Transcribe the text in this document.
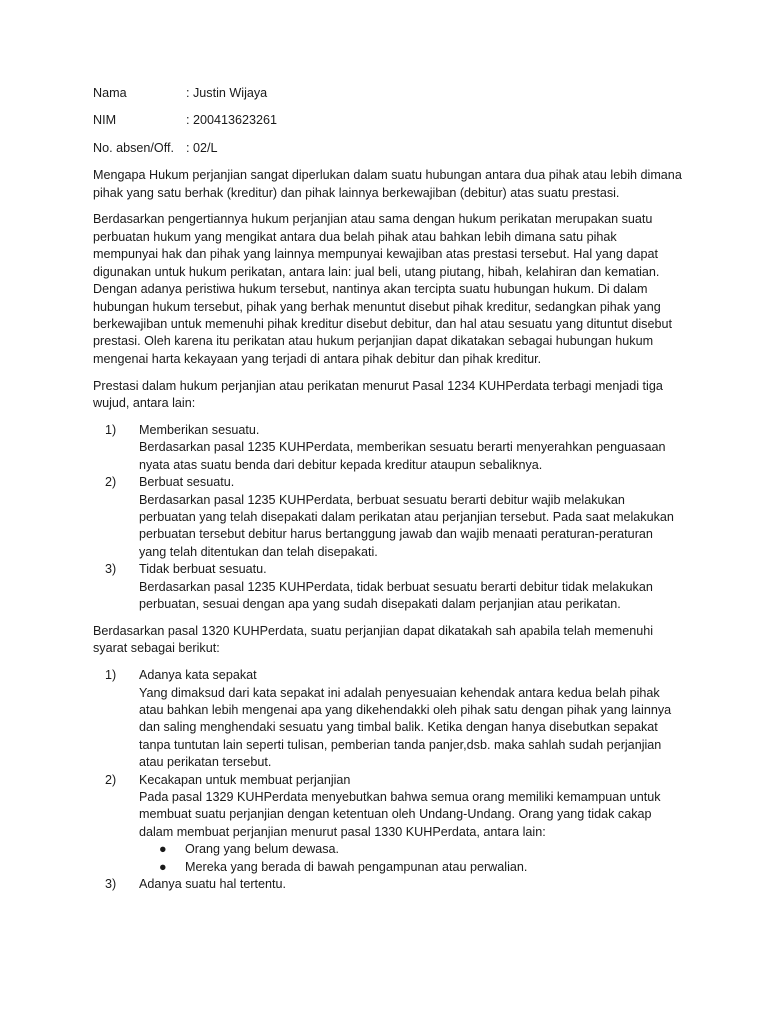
Nama	: Justin Wijaya
NIM	: 200413623261
No. absen/Off. : 02/L

Mengapa Hukum perjanjian sangat diperlukan dalam suatu hubungan antara dua pihak atau lebih dimana pihak yang satu berhak (kreditur) dan pihak lainnya berkewajiban (debitur) atas suatu prestasi.

Berdasarkan pengertiannya hukum perjanjian atau sama dengan hukum perikatan merupakan suatu perbuatan hukum yang mengikat antara dua belah pihak atau bahkan lebih dimana satu pihak mempunyai hak dan pihak yang lainnya mempunyai kewajiban atas prestasi tersebut. Hal yang dapat digunakan untuk hukum perikatan, antara lain: jual beli, utang piutang, hibah, kelahiran dan kematian. Dengan adanya peristiwa hukum tersebut, nantinya akan tercipta suatu hubungan hukum. Di dalam hubungan hukum tersebut, pihak yang berhak menuntut disebut pihak kreditur, sedangkan pihak yang berkewajiban untuk memenuhi pihak kreditur disebut debitur, dan hal atau sesuatu yang dituntut disebut prestasi. Oleh karena itu perikatan atau hukum perjanjian dapat dikatakan sebagai hubungan hukum mengenai harta kekayaan yang terjadi di antara pihak debitur dan pihak kreditur.

Prestasi dalam hukum perjanjian atau perikatan menurut Pasal 1234 KUHPerdata terbagi menjadi tiga wujud, antara lain:

1) Memberikan sesuatu.
Berdasarkan pasal 1235 KUHPerdata, memberikan sesuatu berarti menyerahkan penguasaan nyata atas suatu benda dari debitur kepada kreditur ataupun sebaliknya.
2) Berbuat sesuatu.
Berdasarkan pasal 1235 KUHPerdata, berbuat sesuatu berarti debitur wajib melakukan perbuatan yang telah disepakati dalam perikatan atau perjanjian tersebut. Pada saat melakukan perbuatan tersebut debitur harus bertanggung jawab dan wajib menaati peraturan-peraturan yang telah ditentukan dan telah disepakati.
3) Tidak berbuat sesuatu.
Berdasarkan pasal 1235 KUHPerdata, tidak berbuat sesuatu berarti debitur tidak melakukan perbuatan, sesuai dengan apa yang sudah disepakati dalam perjanjian atau perikatan.

Berdasarkan pasal 1320 KUHPerdata, suatu perjanjian dapat dikatakah sah apabila telah memenuhi syarat sebagai berikut:

1) Adanya kata sepakat
Yang dimaksud dari kata sepakat ini adalah penyesuaian kehendak antara kedua belah pihak atau bahkan lebih mengenai apa yang dikehendakki oleh pihak satu dengan pihak yang lainnya dan saling menghendaki sesuatu yang timbal balik. Ketika dengan hanya disebutkan sepakat tanpa tuntutan lain seperti tulisan, pemberian tanda panjer,dsb. maka sahlah sudah perjanjian atau perikatan tersebut.
2) Kecakapan untuk membuat perjanjian
Pada pasal 1329 KUHPerdata menyebutkan bahwa semua orang memiliki kemampuan untuk membuat suatu perjanjian dengan ketentuan oleh Undang-Undang. Orang yang tidak cakap dalam membuat perjanjian menurut pasal 1330 KUHPerdata, antara lain:
● Orang yang belum dewasa.
● Mereka yang berada di bawah pengampunan atau perwalian.
3) Adanya suatu hal tertentu.
